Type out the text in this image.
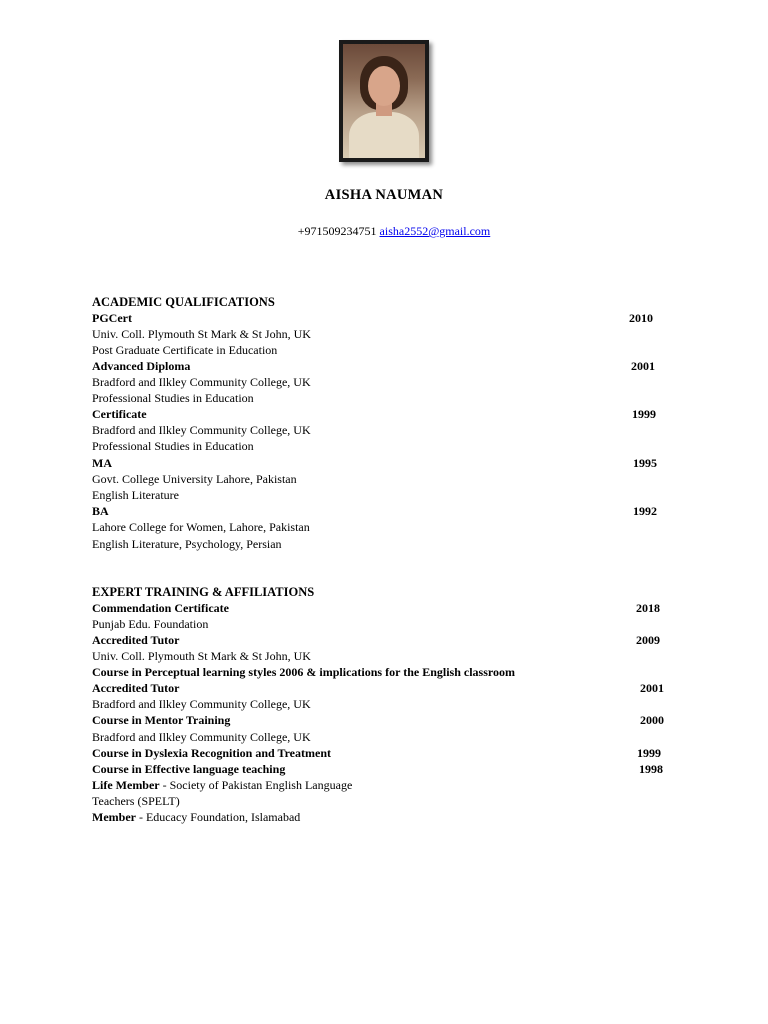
AISHA NAUMAN
+971509234751 aisha2552@gmail.com
ACADEMIC QUALIFICATIONS
PGCert	2010
Univ. Coll. Plymouth St Mark & St John, UK
Post Graduate Certificate in Education
Advanced Diploma	2001
Bradford and Ilkley Community College, UK
Professional Studies in Education
Certificate	1999
Bradford and Ilkley Community College, UK
Professional Studies in Education
MA	1995
Govt. College University Lahore, Pakistan
English Literature
BA	1992
Lahore College for Women, Lahore, Pakistan
English Literature, Psychology, Persian
EXPERT TRAINING & AFFILIATIONS
Commendation Certificate	2018
Punjab Edu. Foundation
Accredited Tutor	2009
Univ. Coll. Plymouth St Mark & St John, UK
Course in Perceptual learning styles 2006 & implications for the English classroom
Accredited Tutor	2001
Bradford and Ilkley Community College, UK
Course in Mentor Training	2000
Bradford and Ilkley Community College, UK
Course in Dyslexia Recognition and Treatment	1999
Course in Effective language teaching	1998
Life Member - Society of Pakistan English Language
Teachers (SPELT)
Member - Educacy Foundation, Islamabad
